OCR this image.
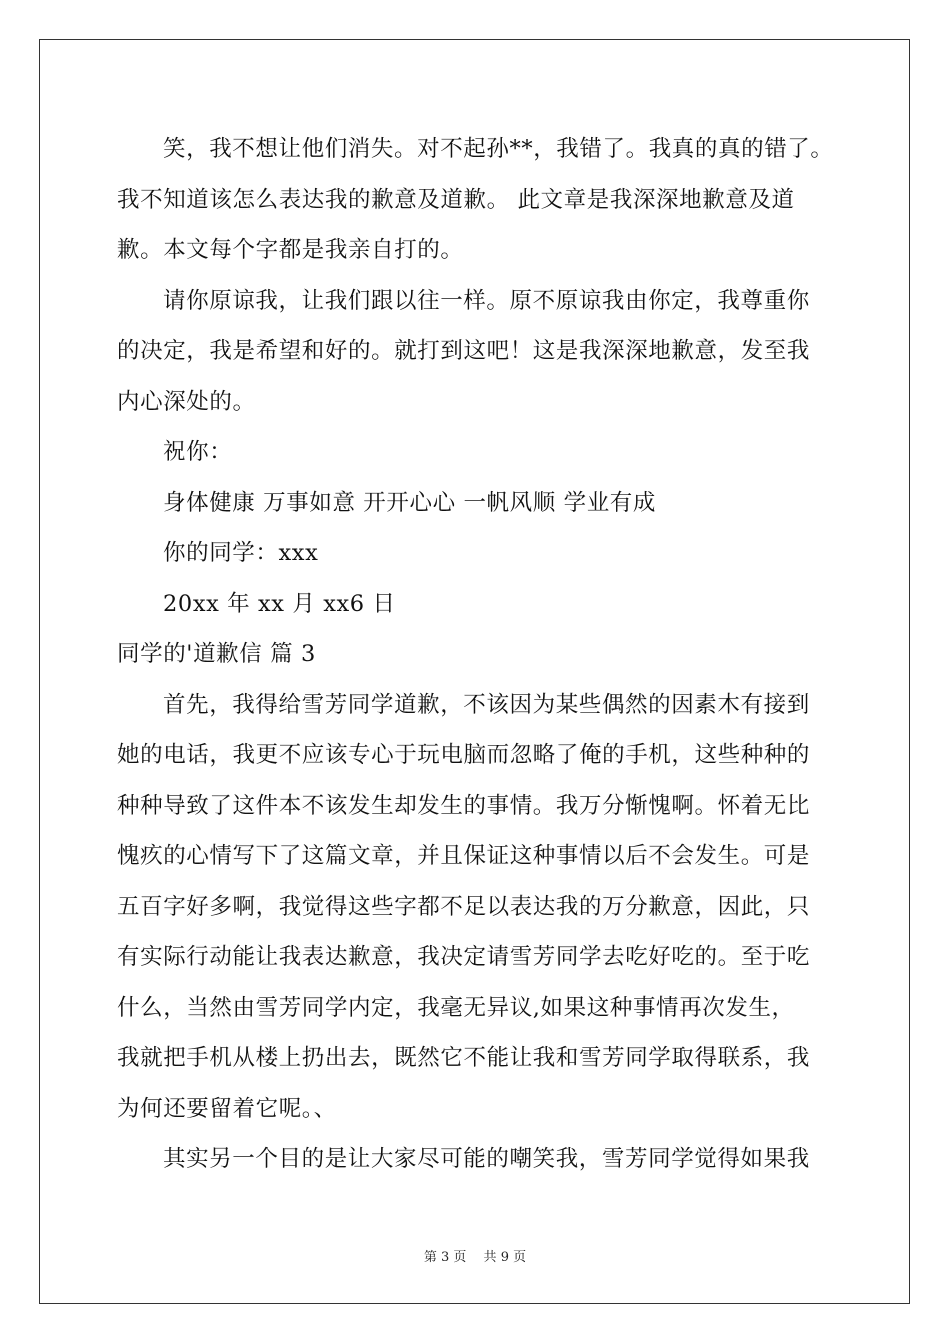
笑，我不想让他们消失。对不起孙**，我错了。我真的真的错了。
我不知道该怎么表达我的歉意及道歉。 此文章是我深深地歉意及道
歉。本文每个字都是我亲自打的。
请你原谅我，让我们跟以往一样。原不原谅我由你定，我尊重你
的决定，我是希望和好的。就打到这吧！这是我深深地歉意，发至我
内心深处的。
祝你：
身体健康 万事如意 开开心心 一帆风顺 学业有成
你的同学：xxx
20xx 年 xx 月 xx6 日
同学的'道歉信 篇 3
首先，我得给雪芳同学道歉，不该因为某些偶然的因素木有接到
她的电话，我更不应该专心于玩电脑而忽略了俺的手机，这些种种的
种种导致了这件本不该发生却发生的事情。我万分惭愧啊。怀着无比
愧疚的心情写下了这篇文章，并且保证这种事情以后不会发生。可是
五百字好多啊，我觉得这些字都不足以表达我的万分歉意，因此，只
有实际行动能让我表达歉意，我决定请雪芳同学去吃好吃的。至于吃
什么，当然由雪芳同学内定，我毫无异议,如果这种事情再次发生，
我就把手机从楼上扔出去，既然它不能让我和雪芳同学取得联系，我
为何还要留着它呢。、
其实另一个目的是让大家尽可能的嘲笑我，雪芳同学觉得如果我
第 3 页　 共 9 页
